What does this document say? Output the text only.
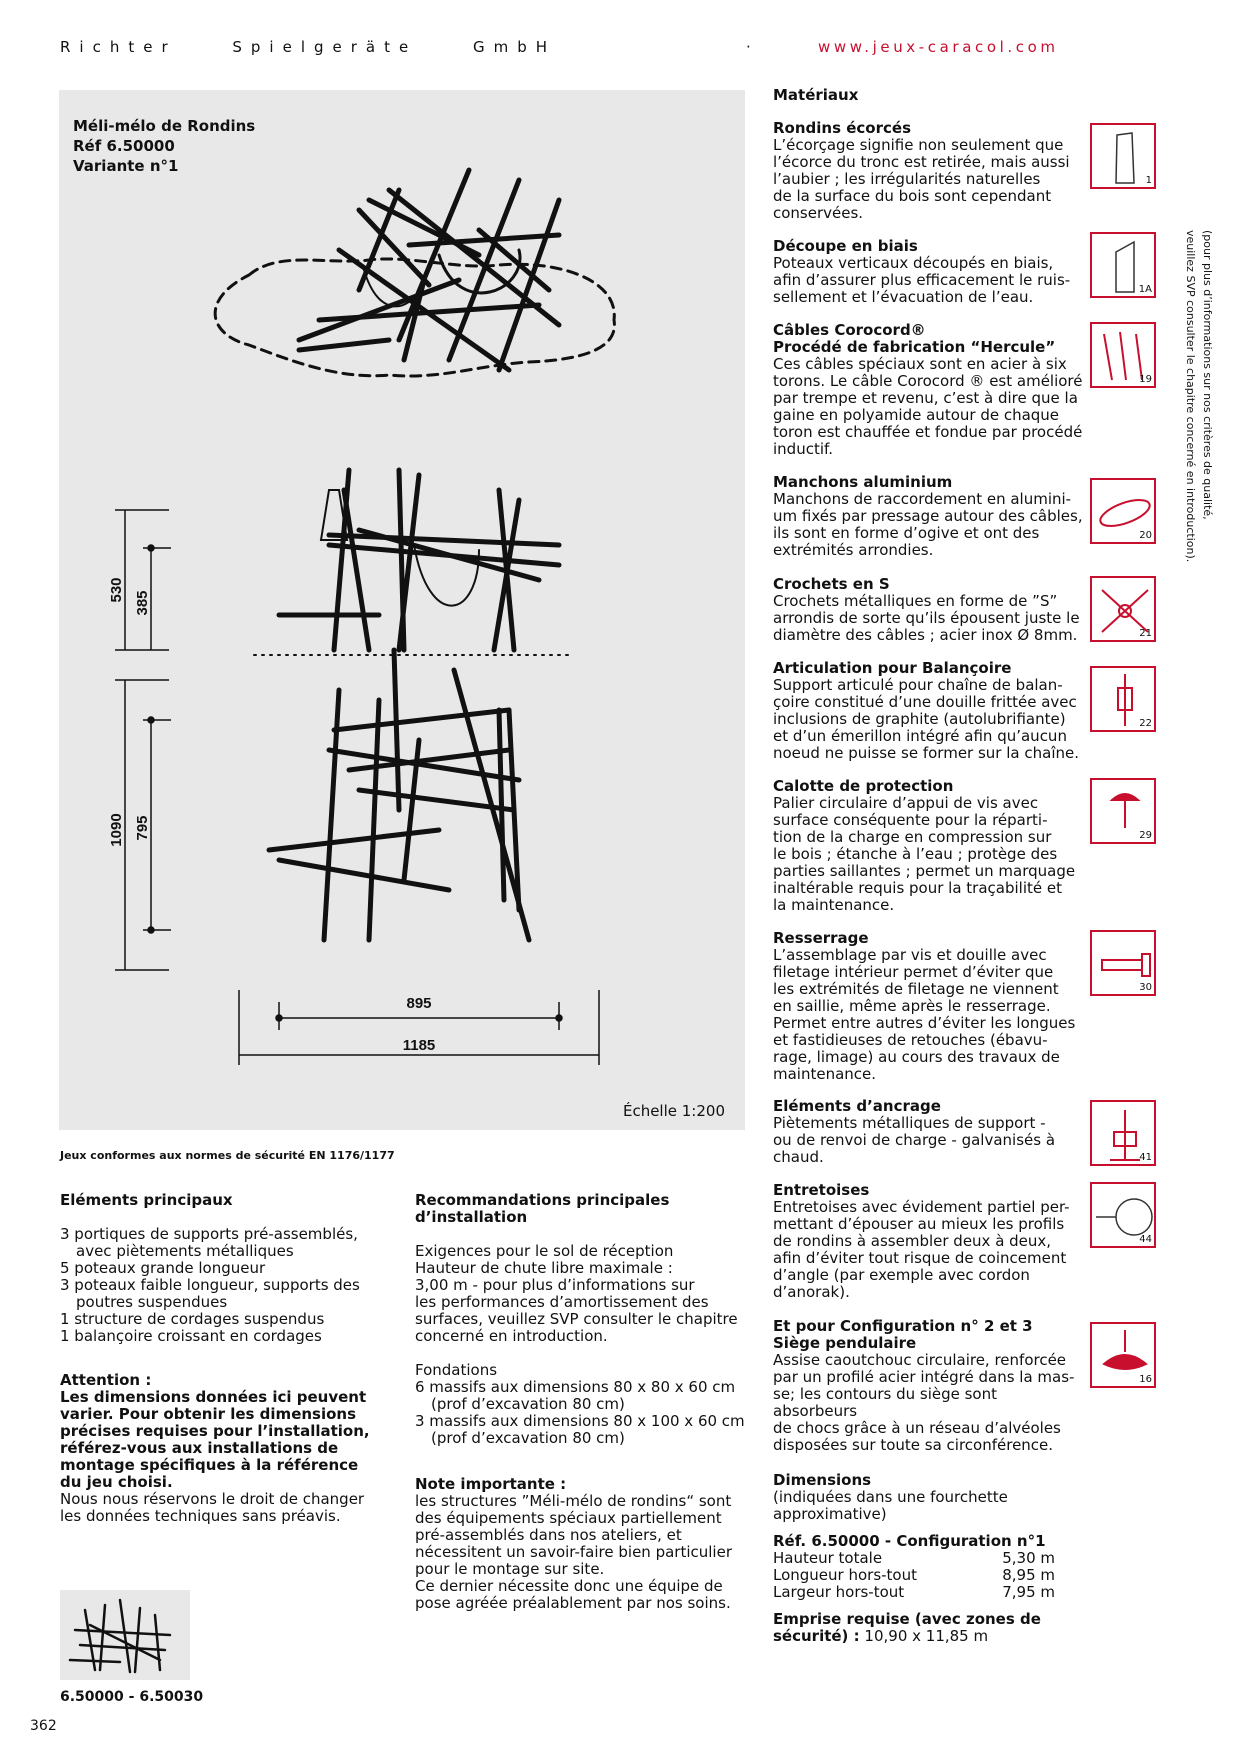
Richter Spielgeräte GmbH	·	www.jeux-caracol.com
Méli-mélo de Rondins
Réf 6.50000
Variante n°1
530
385
1090 795
895
1185
Échelle 1:200
Jeux conformes aux normes de sécurité EN 1176/1177
Eléments principaux

3 portiques de supports pré-assemblés,

avec piètements métalliques

5 poteaux grande longueur

3 poteaux faible longueur, supports des

poutres suspendues

1 structure de cordages suspendus

1 balançoire croissant en cordages

Attention :

Les dimensions données ici peuvent

varier. Pour obtenir les dimensions

précises requises pour l’installation,

référez-vous aux installations de

montage spécifiques à la référence

du jeu choisi.

Nous nous réservons le droit de changer

les données techniques sans préavis.

Recommandations principales
d’installation

Exigences pour le sol de réception

Hauteur de chute libre maximale :

3,00 m - pour plus d’informations sur

les performances d’amortissement des

surfaces, veuillez SVP consulter le chapitre

concerné en introduction.

Fondations

6 massifs aux dimensions 80 x 80 x 60 cm

(prof d’excavation 80 cm)

3 massifs aux dimensions 80 x 100 x 60 cm

(prof d’excavation 80 cm)

Note importante :

les structures ”Méli-mélo de rondins“ sont

des équipements spéciaux partiellement

pré-assemblés dans nos ateliers, et

nécessitent un savoir-faire bien particulier

pour le montage sur site.

Ce dernier nécessite donc une équipe de

pose agréée préalablement par nos soins.

6.50000 - 6.50030
362
Matériaux
Rondins écorcés

L’écorçage signifie non seulement que

l’écorce du tronc est retirée, mais aussi

l’aubier ; les irrégularités naturelles

de la surface du bois sont cependant

conservées.

1
Découpe en biais

Poteaux verticaux découpés en biais,

afin d’assurer plus efficacement le ruis-

sellement et l’évacuation de l’eau.	1A
Câbles Corocord®
Procédé de fabrication “Hercule”

Ces câbles spéciaux sont en acier à six

torons. Le câble Corocord ® est amélioré

par trempe et revenu, c’est à dire que la

gaine en polyamide autour de chaque

toron est chauffée et fondue par procédé

inductif.

19
Manchons aluminium

Manchons de raccordement en alumini-

um fixés par pressage autour des câbles,

ils sont en forme d’ogive et ont des

extrémités arrondies.

20
Crochets en S

Crochets métalliques en forme de ”S”

arrondis de sorte qu’ils épousent juste le

diamètre des câbles ; acier inox Ø 8mm.	21
Articulation pour Balançoire

Support articulé pour chaîne de balan-

çoire constitué d’une douille frittée avec

inclusions de graphite (autolubrifiante)

et d’un émerillon intégré afin qu’aucun

noeud ne puisse se former sur la chaîne.

22
Calotte de protection

Palier circulaire d’appui de vis avec

surface conséquente pour la réparti-

tion de la charge en compression sur

le bois ; étanche à l’eau ; protège des

parties saillantes ; permet un marquage

inaltérable requis pour la traçabilité et

la maintenance.

29
Resserrage

L’assemblage par vis et douille avec

filetage intérieur permet d’éviter que

les extrémités de filetage ne viennent

en saillie, même après le resserrage.

Permet entre autres d’éviter les longues

et fastidieuses de retouches (ébavu-

rage, limage) au cours des travaux de

maintenance.

30
Eléments d’ancrage

Piètements métalliques de support -

ou de renvoi de charge - galvanisés à

chaud.	41
Entretoises

Entretoises avec évidement partiel per-

mettant d’épouser au mieux les profils

de rondins à assembler deux à deux,

afin d’éviter tout risque de coincement

d’angle (par exemple avec cordon

d’anorak).

44
Et pour Configuration n° 2 et 3
Siège pendulaire

Assise caoutchouc circulaire, renforcée

par un profilé acier intégré dans la mas-

se; les contours du siège sont absorbeurs

de chocs grâce à un réseau d’alvéoles

disposées sur toute sa circonférence.

16

(pour plus d’informations sur nos critères de qualité,

veuillez SVP consulter le chapitre concerné en introduction).

Dimensions

(indiquées dans une fourchette

approximative)

Réf. 6.50000 - Configuration n°1

Hauteur totale	5,30 m
Longueur hors-tout	8,95 m
Largeur hors-tout	7,95 m

Emprise requise (avec zones de

sécurité) : 10,90 x 11,85 m
